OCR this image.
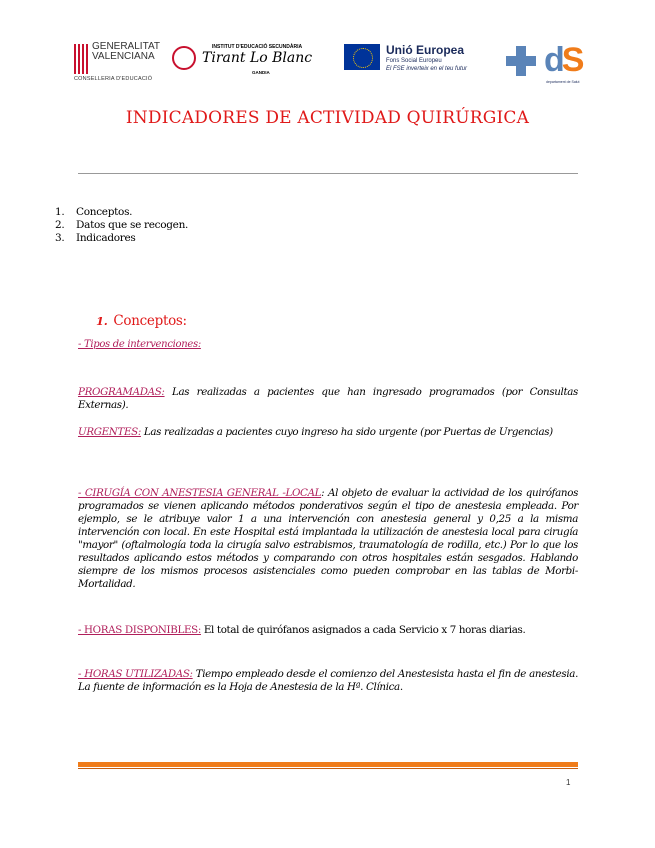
GENERALITAT
VALENCIANA
CONSELLERIA D'EDUCACIÓ
INSTITUT D'EDUCACIÓ SECUNDÀRIA
Tirant Lo Blanc
GANDIA
Unió Europea
Fons Social Europeu
El FSE inverteix en el teu futur dS
departament de Salut
INDICADORES DE ACTIVIDAD QUIRÚRGICA
1. Conceptos.
2. Datos que se recogen.
3. Indicadores
1. Conceptos:
- Tipos de intervenciones:
PROGRAMADAS: Las realizadas a pacientes que han ingresado programados (por Consultas Externas).
URGENTES: Las realizadas a pacientes cuyo ingreso ha sido urgente (por Puertas de Urgencias)
- CIRUGÍA CON ANESTESIA GENERAL -LOCAL: Al objeto de evaluar la actividad de los quirófanos programados se vienen aplicando métodos ponderativos según el tipo de anestesia empleada. Por ejemplo, se le atribuye valor 1 a una intervención con anestesia general y 0,25 a la misma intervención con local. En este Hospital está implantada la utilización de anestesia local para cirugía "mayor" (oftalmología toda la cirugía salvo estrabismos, traumatología de rodilla, etc.) Por lo que los resultados aplicando estos métodos y comparando con otros hospitales están sesgados. Hablando siempre de los mismos procesos asistenciales como pueden comprobar en las tablas de Morbi-Mortalidad.
- HORAS DISPONIBLES: El total de quirófanos asignados a cada Servicio x 7 horas diarias.
- HORAS UTILIZADAS: Tiempo empleado desde el comienzo del Anestesista hasta el fin de anestesia. La fuente de información es la Hoja de Anestesia de la Hª. Clínica.
1
